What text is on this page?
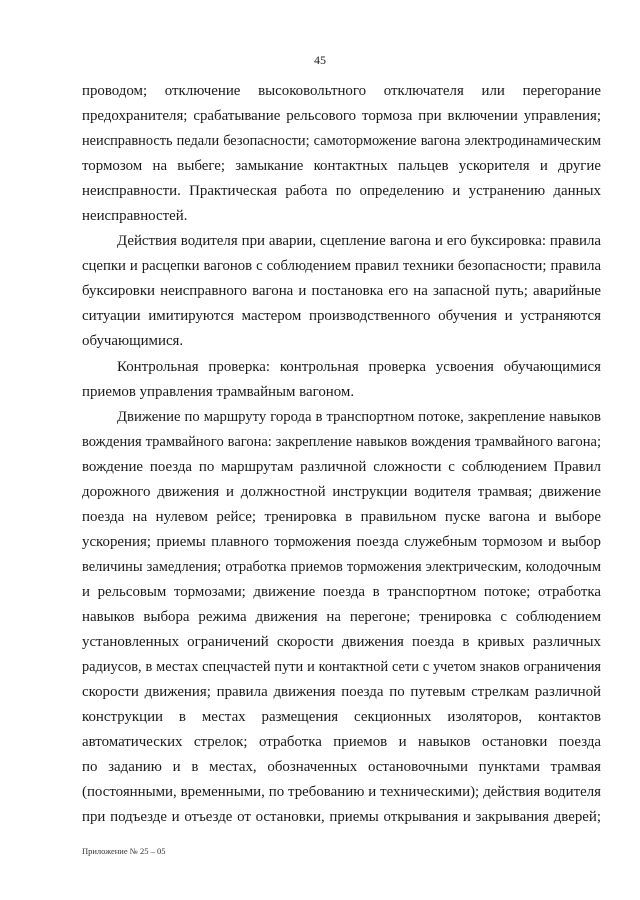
45
проводом; отключение высоковольтного отключателя или перегорание
предохранителя; срабатывание рельсового тормоза при включении управления;
неисправность педали безопасности; самоторможение вагона электродинамическим
тормозом на выбеге; замыкание контактных пальцев ускорителя и другие
неисправности. Практическая работа по определению и устранению данных
неисправностей.
Действия водителя при аварии, сцепление вагона и его буксировка: правила
сцепки и расцепки вагонов с соблюдением правил техники безопасности; правила
буксировки неисправного вагона и постановка его на запасной путь; аварийные
ситуации имитируются мастером производственного обучения и устраняются
обучающимися.
Контрольная проверка: контрольная проверка усвоения обучающимися
приемов управления трамвайным вагоном.
Движение по маршруту города в транспортном потоке, закрепление навыков
вождения трамвайного вагона: закрепление навыков вождения трамвайного вагона;
вождение поезда по маршрутам различной сложности с соблюдением Правил
дорожного движения и должностной инструкции водителя трамвая; движение
поезда на нулевом рейсе; тренировка в правильном пуске вагона и выборе
ускорения; приемы плавного торможения поезда служебным тормозом и выбор
величины замедления; отработка приемов торможения электрическим, колодочным
и рельсовым тормозами; движение поезда в транспортном потоке; отработка
навыков выбора режима движения на перегоне; тренировка с соблюдением
установленных ограничений скорости движения поезда в кривых различных
радиусов, в местах спецчастей пути и контактной сети с учетом знаков ограничения
скорости движения; правила движения поезда по путевым стрелкам различной
конструкции в местах размещения секционных изоляторов, контактов
автоматических стрелок; отработка приемов и навыков остановки поезда
по заданию и в местах, обозначенных остановочными пунктами трамвая
(постоянными, временными, по требованию и техническими); действия водителя
при подъезде и отъезде от остановки, приемы открывания и закрывания дверей;
Приложение № 25 – 05
